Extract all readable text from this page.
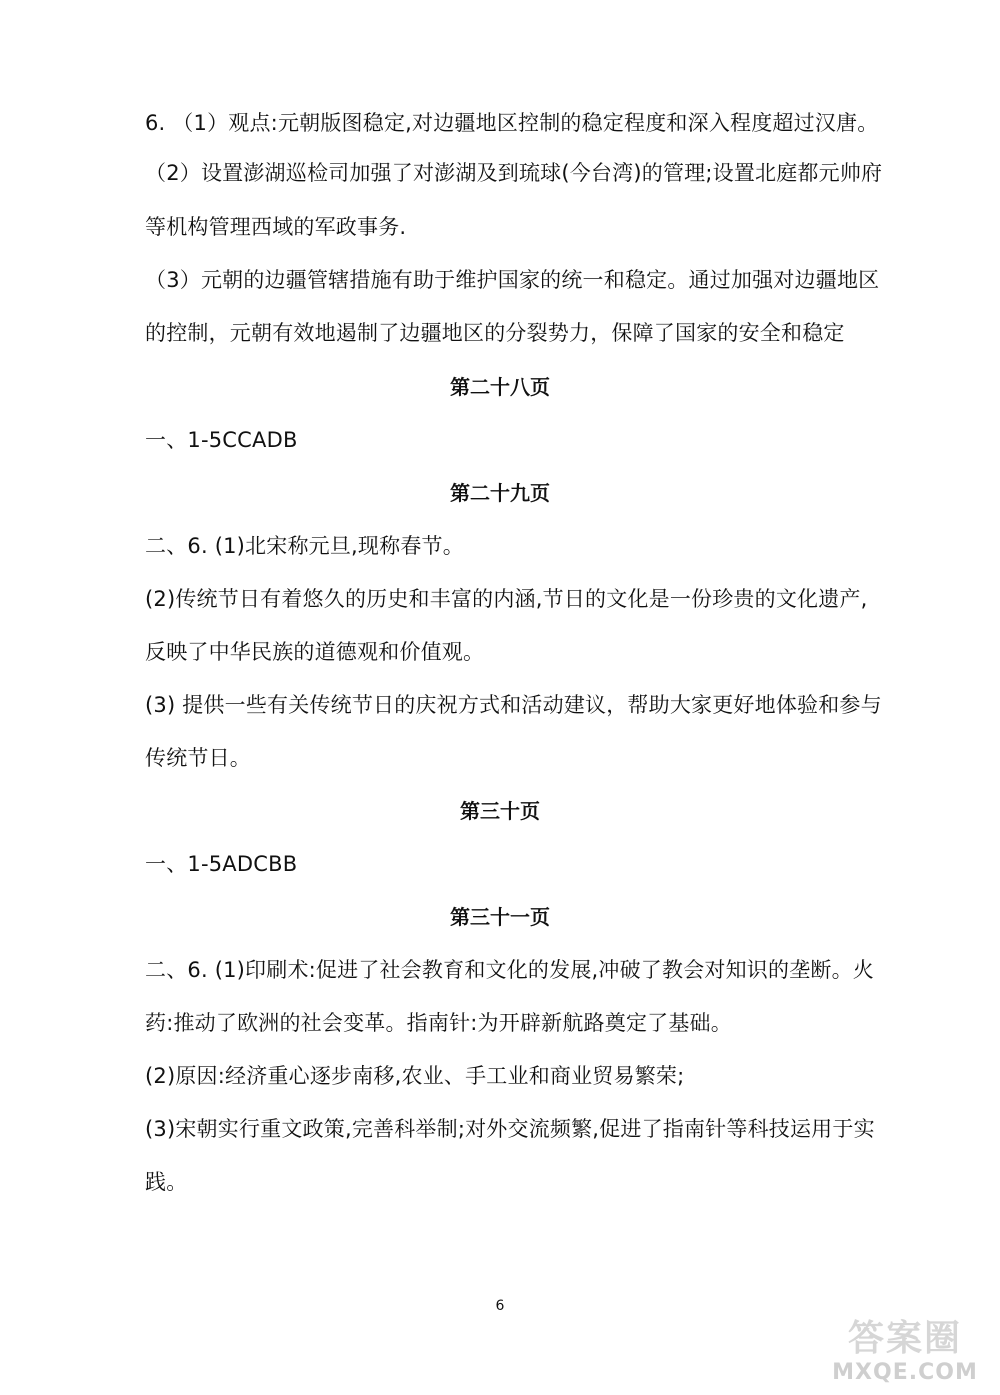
6. （1）观点:元朝版图稳定,对边疆地区控制的稳定程度和深入程度超过汉唐。
（2）设置澎湖巡检司加强了对澎湖及到琉球(今台湾)的管理;设置北庭都元帅府
等机构管理西域的军政事务.
（3）元朝的边疆管辖措施有助于维护国家的统一和稳定。通过加强对边疆地区
的控制，元朝有效地遏制了边疆地区的分裂势力，保障了国家的安全和稳定
第二十八页
一、1-5CCADB
第二十九页
二、6. (1)北宋称元旦,现称春节。
(2)传统节日有着悠久的历史和丰富的内涵,节日的文化是一份珍贵的文化遗产,
反映了中华民族的道德观和价值观。
(3) 提供一些有关传统节日的庆祝方式和活动建议，帮助大家更好地体验和参与
传统节日。
第三十页
一、1-5ADCBB
第三十一页
二、6. (1)印刷术:促进了社会教育和文化的发展,冲破了教会对知识的垄断。火
药:推动了欧洲的社会变革。指南针:为开辟新航路奠定了基础。
(2)原因:经济重心逐步南移,农业、手工业和商业贸易繁荣;
(3)宋朝实行重文政策,完善科举制;对外交流频繁,促进了指南针等科技运用于实
践。
6
答案圈
MXQE.COM
